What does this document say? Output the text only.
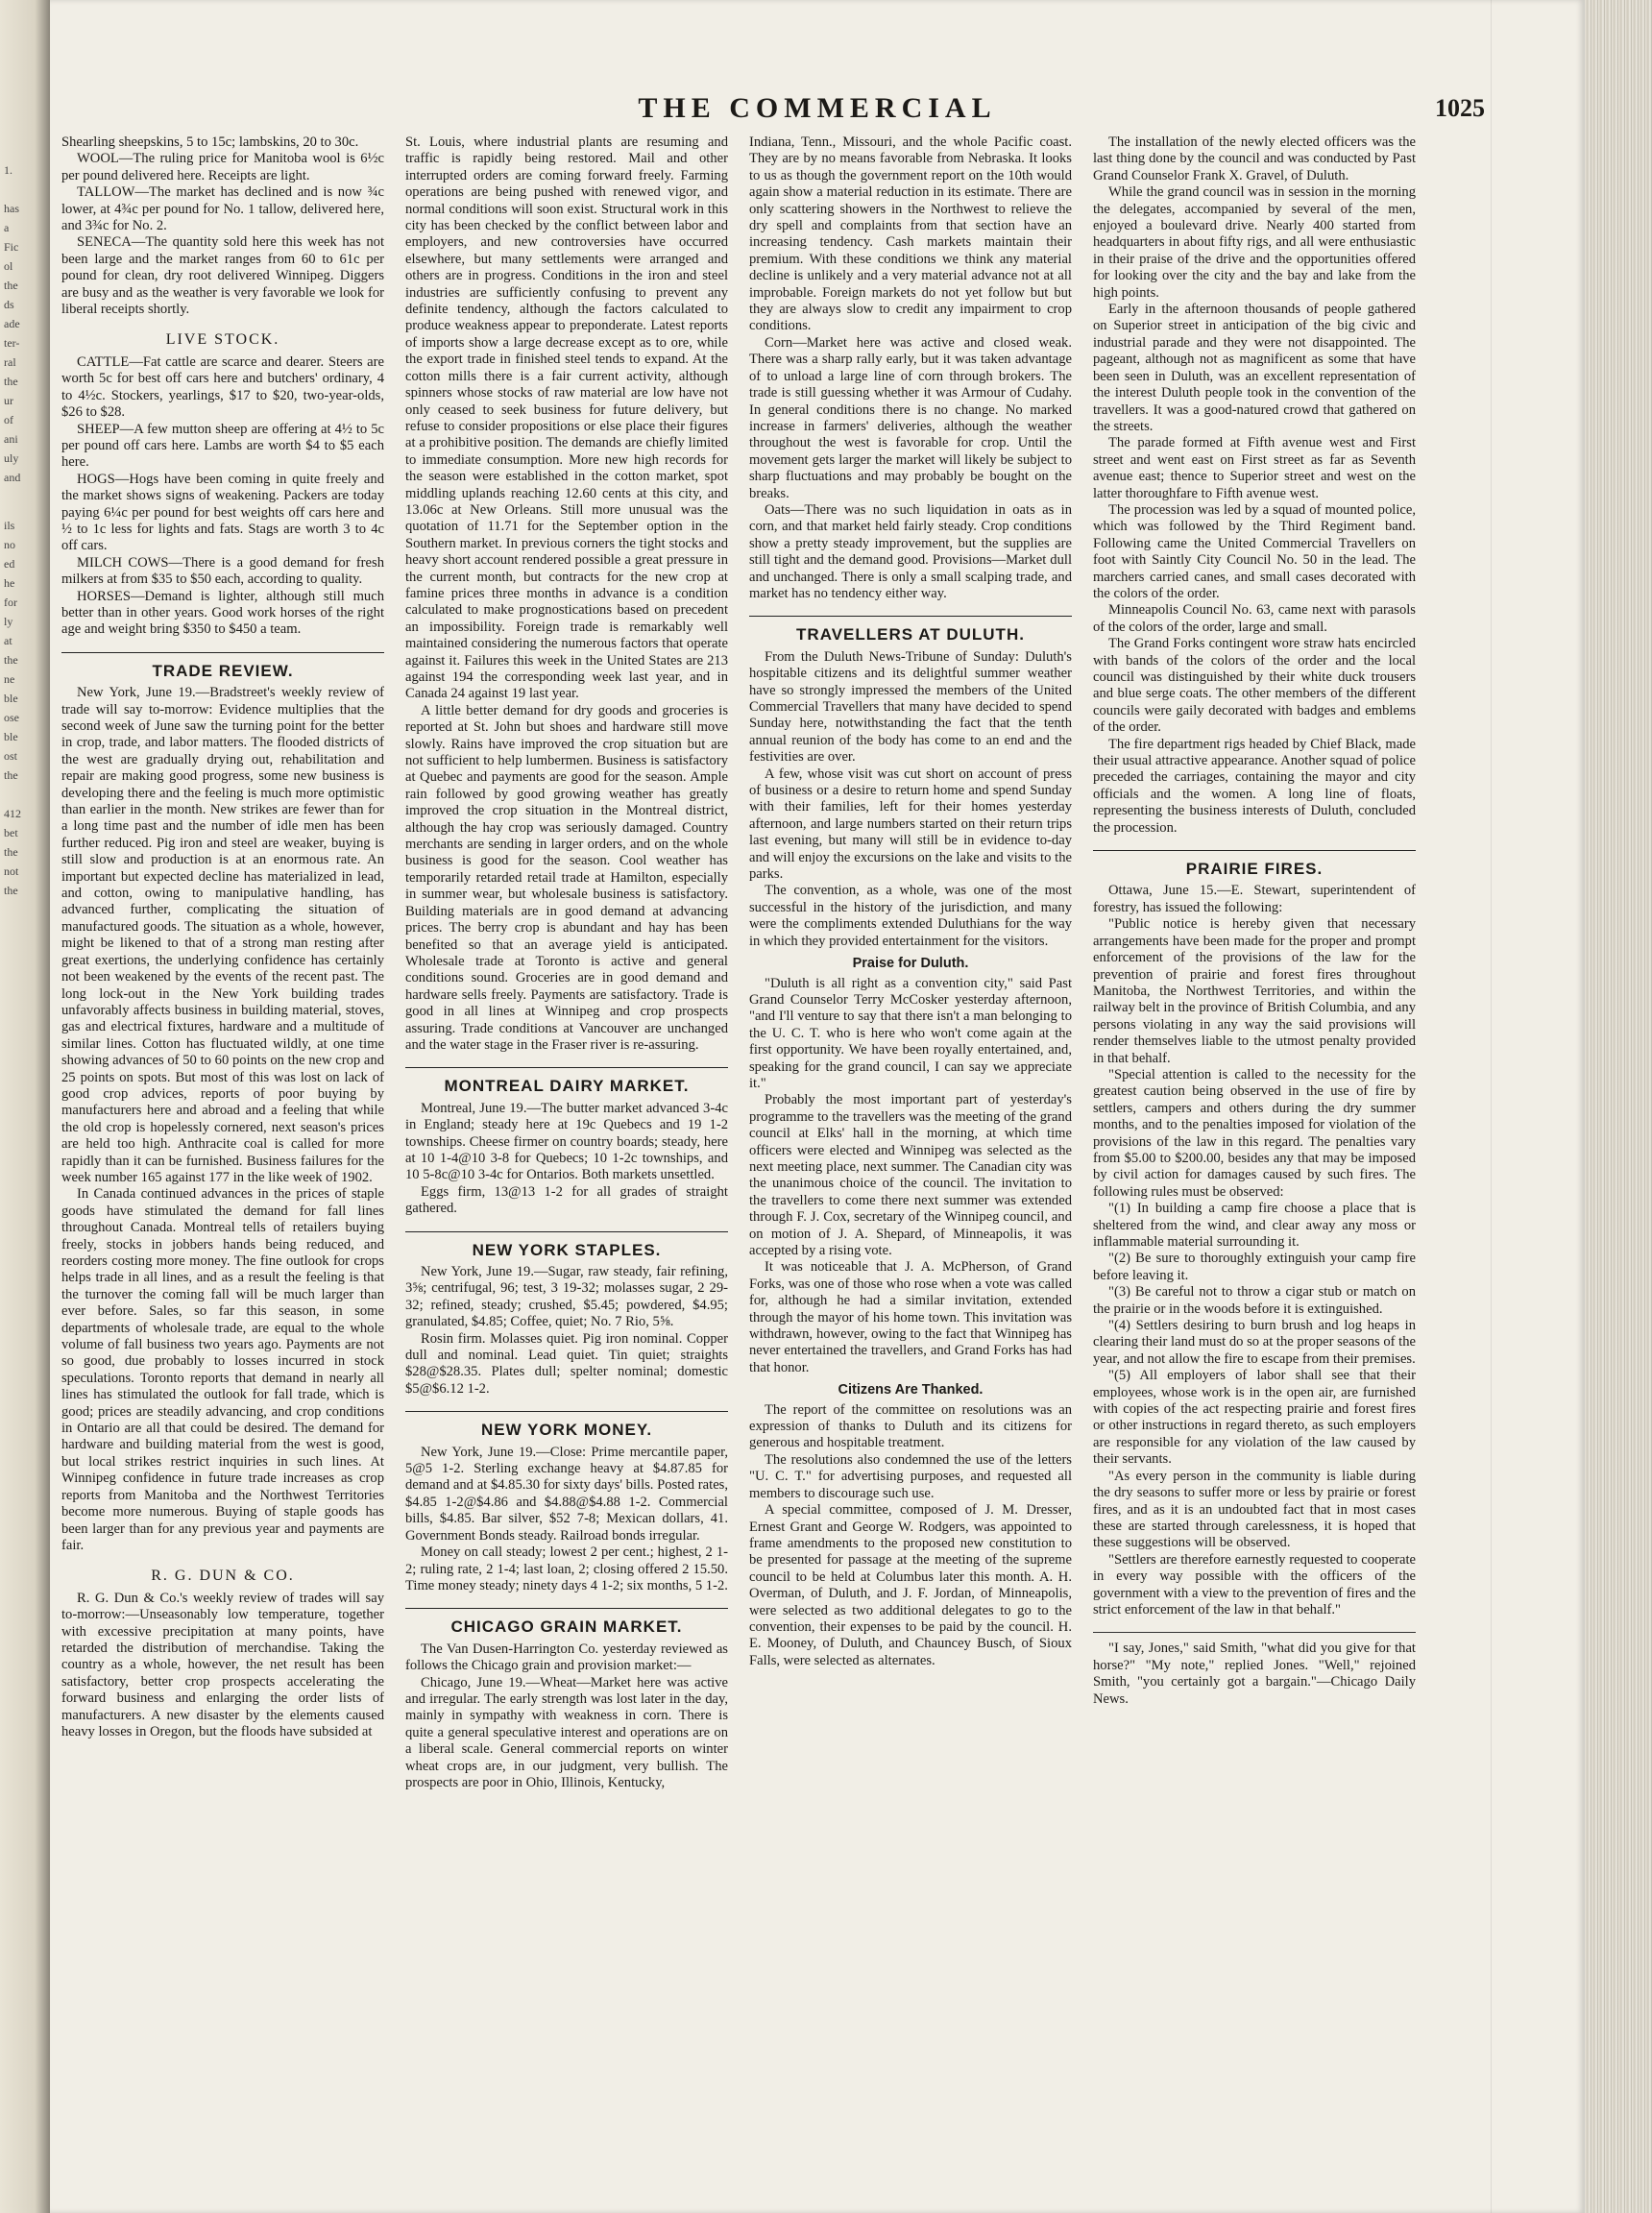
1.
has
a
Fic
ol
the
ds
ade
ter-
ral
the
ur
of
ani
uly
and
ils
no
ed
he
for
ly
at
the
ne
ble
ose
ble
ost
the
412
bet
the
not
the
THE COMMERCIAL	1025

Shearling sheepskins, 5 to 15c; lambskins, 20 to 30c.

WOOL—The ruling price for Manitoba wool is 6½c per pound delivered here. Receipts are light.

TALLOW—The market has declined and is now ¾c lower, at 4¾c per pound for No. 1 tallow, delivered here, and 3¾c for No. 2.

SENECA—The quantity sold here this week has not been large and the market ranges from 60 to 61c per pound for clean, dry root delivered Winnipeg. Diggers are busy and as the weather is very favorable we look for liberal receipts shortly.

LIVE STOCK.

CATTLE—Fat cattle are scarce and dearer. Steers are worth 5c for best off cars here and butchers' ordinary, 4 to 4½c. Stockers, yearlings, $17 to $20, two-year-olds, $26 to $28.

SHEEP—A few mutton sheep are offering at 4½ to 5c per pound off cars here. Lambs are worth $4 to $5 each here.

HOGS—Hogs have been coming in quite freely and the market shows signs of weakening. Packers are today paying 6¼c per pound for best weights off cars here and ½ to 1c less for lights and fats. Stags are worth 3 to 4c off cars.

MILCH COWS—There is a good demand for fresh milkers at from $35 to $50 each, according to quality.

HORSES—Demand is lighter, although still much better than in other years. Good work horses of the right age and weight bring $350 to $450 a team.

TRADE REVIEW.

New York, June 19.—Bradstreet's weekly review of trade will say to-morrow: Evidence multiplies that the second week of June saw the turning point for the better in crop, trade, and labor matters. The flooded districts of the west are gradually drying out, rehabilitation and repair are making good progress, some new business is developing there and the feeling is much more optimistic than earlier in the month. New strikes are fewer than for a long time past and the number of idle men has been further reduced. Pig iron and steel are weaker, buying is still slow and production is at an enormous rate. An important but expected decline has materialized in lead, and cotton, owing to manipulative handling, has advanced further, complicating the situation of manufactured goods. The situation as a whole, however, might be likened to that of a strong man resting after great exertions, the underlying confidence has certainly not been weakened by the events of the recent past. The long lock-out in the New York building trades unfavorably affects business in building material, stoves, gas and electrical fixtures, hardware and a multitude of similar lines. Cotton has fluctuated wildly, at one time showing advances of 50 to 60 points on the new crop and 25 points on spots. But most of this was lost on lack of good crop advices, reports of poor buying by manufacturers here and abroad and a feeling that while the old crop is hopelessly cornered, next season's prices are held too high. Anthracite coal is called for more rapidly than it can be furnished. Business failures for the week number 165 against 177 in the like week of 1902.

In Canada continued advances in the prices of staple goods have stimulated the demand for fall lines throughout Canada. Montreal tells of retailers buying freely, stocks in jobbers hands being reduced, and reorders costing more money. The fine outlook for crops helps trade in all lines, and as a result the feeling is that the turnover the coming fall will be much larger than ever before. Sales, so far this season, in some departments of wholesale trade, are equal to the whole volume of fall business two years ago. Payments are not so good, due probably to losses incurred in stock speculations. Toronto reports that demand in nearly all lines has stimulated the outlook for fall trade, which is good; prices are steadily advancing, and crop conditions in Ontario are all that could be desired. The demand for hardware and building material from the west is good, but local strikes restrict inquiries in such lines. At Winnipeg confidence in future trade increases as crop reports from Manitoba and the Northwest Territories become more numerous. Buying of staple goods has been larger than for any previous year and payments are fair.

R. G. DUN & CO.

R. G. Dun & Co.'s weekly review of trades will say to-morrow:—Unseasonably low temperature, together with excessive precipitation at many points, have retarded the distribution of merchandise. Taking the country as a whole, however, the net result has been satisfactory, better crop prospects accelerating the forward business and enlarging the order lists of manufacturers. A new disaster by the elements caused heavy losses in Oregon, but the floods have subsided at

St. Louis, where industrial plants are resuming and traffic is rapidly being restored. Mail and other interrupted orders are coming forward freely. Farming operations are being pushed with renewed vigor, and normal conditions will soon exist. Structural work in this city has been checked by the conflict between labor and employers, and new controversies have occurred elsewhere, but many settlements were arranged and others are in progress. Conditions in the iron and steel industries are sufficiently confusing to prevent any definite tendency, although the factors calculated to produce weakness appear to preponderate. Latest reports of imports show a large decrease except as to ore, while the export trade in finished steel tends to expand. At the cotton mills there is a fair current activity, although spinners whose stocks of raw material are low have not only ceased to seek business for future delivery, but refuse to consider propositions or else place their figures at a prohibitive position. The demands are chiefly limited to immediate consumption. More new high records for the season were established in the cotton market, spot middling uplands reaching 12.60 cents at this city, and 13.06c at New Orleans. Still more unusual was the quotation of 11.71 for the September option in the Southern market. In previous corners the tight stocks and heavy short account rendered possible a great pressure in the current month, but contracts for the new crop at famine prices three months in advance is a condition calculated to make prognostications based on precedent an impossibility. Foreign trade is remarkably well maintained considering the numerous factors that operate against it. Failures this week in the United States are 213 against 194 the corresponding week last year, and in Canada 24 against 19 last year.

A little better demand for dry goods and groceries is reported at St. John but shoes and hardware still move slowly. Rains have improved the crop situation but are not sufficient to help lumbermen. Business is satisfactory at Quebec and payments are good for the season. Ample rain followed by good growing weather has greatly improved the crop situation in the Montreal district, although the hay crop was seriously damaged. Country merchants are sending in larger orders, and on the whole business is good for the season. Cool weather has temporarily retarded retail trade at Hamilton, especially in summer wear, but wholesale business is satisfactory. Building materials are in good demand at advancing prices. The berry crop is abundant and hay has been benefited so that an average yield is anticipated. Wholesale trade at Toronto is active and general conditions sound. Groceries are in good demand and hardware sells freely. Payments are satisfactory. Trade is good in all lines at Winnipeg and crop prospects assuring. Trade conditions at Vancouver are unchanged and the water stage in the Fraser river is re-assuring.

MONTREAL DAIRY MARKET.

Montreal, June 19.—The butter market advanced 3-4c in England; steady here at 19c Quebecs and 19 1-2 townships. Cheese firmer on country boards; steady, here at 10 1-4@10 3-8 for Quebecs; 10 1-2c townships, and 10 5-8c@10 3-4c for Ontarios. Both markets unsettled.

Eggs firm, 13@13 1-2 for all grades of straight gathered.

NEW YORK STAPLES.

New York, June 19.—Sugar, raw steady, fair refining, 3⅝; centrifugal, 96; test, 3 19-32; molasses sugar, 2 29-32; refined, steady; crushed, $5.45; powdered, $4.95; granulated, $4.85; Coffee, quiet; No. 7 Rio, 5⅝.

Rosin firm. Molasses quiet. Pig iron nominal. Copper dull and nominal. Lead quiet. Tin quiet; straights $28@$28.35. Plates dull; spelter nominal; domestic $5@$6.12 1-2.

NEW YORK MONEY.

New York, June 19.—Close: Prime mercantile paper, 5@5 1-2. Sterling exchange heavy at $4.87.85 for demand and at $4.85.30 for sixty days' bills. Posted rates, $4.85 1-2@$4.86 and $4.88@$4.88 1-2. Commercial bills, $4.85. Bar silver, $52 7-8; Mexican dollars, 41. Government Bonds steady. Railroad bonds irregular.

Money on call steady; lowest 2 per cent.; highest, 2 1-2; ruling rate, 2 1-4; last loan, 2; closing offered 2 15.50. Time money steady; ninety days 4 1-2; six months, 5 1-2.

CHICAGO GRAIN MARKET.

The Van Dusen-Harrington Co. yesterday reviewed as follows the Chicago grain and provision market:—

Chicago, June 19.—Wheat—Market here was active and irregular. The early strength was lost later in the day, mainly in sympathy with weakness in corn. There is quite a general speculative interest and operations are on a liberal scale. General commercial reports on winter wheat crops are, in our judgment, very bullish. The prospects are poor in Ohio, Illinois, Kentucky,

Indiana, Tenn., Missouri, and the whole Pacific coast. They are by no means favorable from Nebraska. It looks to us as though the government report on the 10th would again show a material reduction in its estimate. There are only scattering showers in the Northwest to relieve the dry spell and complaints from that section have an increasing tendency. Cash markets maintain their premium. With these conditions we think any material decline is unlikely and a very material advance not at all improbable. Foreign markets do not yet follow but but they are always slow to credit any impairment to crop conditions.

Corn—Market here was active and closed weak. There was a sharp rally early, but it was taken advantage of to unload a large line of corn through brokers. The trade is still guessing whether it was Armour of Cudahy. In general conditions there is no change. No marked increase in farmers' deliveries, although the weather throughout the west is favorable for crop. Until the movement gets larger the market will likely be subject to sharp fluctuations and may probably be bought on the breaks.

Oats—There was no such liquidation in oats as in corn, and that market held fairly steady. Crop conditions show a pretty steady improvement, but the supplies are still tight and the demand good. Provisions—Market dull and unchanged. There is only a small scalping trade, and market has no tendency either way.

TRAVELLERS AT DULUTH.

From the Duluth News-Tribune of Sunday: Duluth's hospitable citizens and its delightful summer weather have so strongly impressed the members of the United Commercial Travellers that many have decided to spend Sunday here, notwithstanding the fact that the tenth annual reunion of the body has come to an end and the festivities are over.

A few, whose visit was cut short on account of press of business or a desire to return home and spend Sunday with their families, left for their homes yesterday afternoon, and large numbers started on their return trips last evening, but many will still be in evidence to-day and will enjoy the excursions on the lake and visits to the parks.

The convention, as a whole, was one of the most successful in the history of the jurisdiction, and many were the compliments extended Duluthians for the way in which they provided entertainment for the visitors.

Praise for Duluth.

"Duluth is all right as a convention city," said Past Grand Counselor Terry McCosker yesterday afternoon, "and I'll venture to say that there isn't a man belonging to the U. C. T. who is here who won't come again at the first opportunity. We have been royally entertained, and, speaking for the grand council, I can say we appreciate it."

Probably the most important part of yesterday's programme to the travellers was the meeting of the grand council at Elks' hall in the morning, at which time officers were elected and Winnipeg was selected as the next meeting place, next summer. The Canadian city was the unanimous choice of the council. The invitation to the travellers to come there next summer was extended through F. J. Cox, secretary of the Winnipeg council, and on motion of J. A. Shepard, of Minneapolis, it was accepted by a rising vote.

It was noticeable that J. A. McPherson, of Grand Forks, was one of those who rose when a vote was called for, although he had a similar invitation, extended through the mayor of his home town. This invitation was withdrawn, however, owing to the fact that Winnipeg has never entertained the travellers, and Grand Forks has had that honor.

Citizens Are Thanked.

The report of the committee on resolutions was an expression of thanks to Duluth and its citizens for generous and hospitable treatment.

The resolutions also condemned the use of the letters "U. C. T." for advertising purposes, and requested all members to discourage such use.

A special committee, composed of J. M. Dresser, Ernest Grant and George W. Rodgers, was appointed to frame amendments to the proposed new constitution to be presented for passage at the meeting of the supreme council to be held at Columbus later this month. A. H. Overman, of Duluth, and J. F. Jordan, of Minneapolis, were selected as two additional delegates to go to the convention, their expenses to be paid by the council. H. E. Mooney, of Duluth, and Chauncey Busch, of Sioux Falls, were selected as alternates.

The installation of the newly elected officers was the last thing done by the council and was conducted by Past Grand Counselor Frank X. Gravel, of Duluth.

While the grand council was in session in the morning the delegates, accompanied by several of the men, enjoyed a boulevard drive. Nearly 400 started from headquarters in about fifty rigs, and all were enthusiastic in their praise of the drive and the opportunities offered for looking over the city and the bay and lake from the high points.

Early in the afternoon thousands of people gathered on Superior street in anticipation of the big civic and industrial parade and they were not disappointed. The pageant, although not as magnificent as some that have been seen in Duluth, was an excellent representation of the interest Duluth people took in the convention of the travellers. It was a good-natured crowd that gathered on the streets.

The parade formed at Fifth avenue west and First street and went east on First street as far as Seventh avenue east; thence to Superior street and west on the latter thoroughfare to Fifth avenue west.

The procession was led by a squad of mounted police, which was followed by the Third Regiment band. Following came the United Commercial Travellers on foot with Saintly City Council No. 50 in the lead. The marchers carried canes, and small cases decorated with the colors of the order.

Minneapolis Council No. 63, came next with parasols of the colors of the order, large and small.

The Grand Forks contingent wore straw hats encircled with bands of the colors of the order and the local council was distinguished by their white duck trousers and blue serge coats. The other members of the different councils were gaily decorated with badges and emblems of the order.

The fire department rigs headed by Chief Black, made their usual attractive appearance. Another squad of police preceded the carriages, containing the mayor and city officials and the women. A long line of floats, representing the business interests of Duluth, concluded the procession.

PRAIRIE FIRES.

Ottawa, June 15.—E. Stewart, superintendent of forestry, has issued the following:

"Public notice is hereby given that necessary arrangements have been made for the proper and prompt enforcement of the provisions of the law for the prevention of prairie and forest fires throughout Manitoba, the Northwest Territories, and within the railway belt in the province of British Columbia, and any persons violating in any way the said provisions will render themselves liable to the utmost penalty provided in that behalf.

"Special attention is called to the necessity for the greatest caution being observed in the use of fire by settlers, campers and others during the dry summer months, and to the penalties imposed for violation of the provisions of the law in this regard. The penalties vary from $5.00 to $200.00, besides any that may be imposed by civil action for damages caused by such fires. The following rules must be observed:

"(1) In building a camp fire choose a place that is sheltered from the wind, and clear away any moss or inflammable material surrounding it.

"(2) Be sure to thoroughly extinguish your camp fire before leaving it.

"(3) Be careful not to throw a cigar stub or match on the prairie or in the woods before it is extinguished.

"(4) Settlers desiring to burn brush and log heaps in clearing their land must do so at the proper seasons of the year, and not allow the fire to escape from their premises.

"(5) All employers of labor shall see that their employees, whose work is in the open air, are furnished with copies of the act respecting prairie and forest fires or other instructions in regard thereto, as such employers are responsible for any violation of the law caused by their servants.

"As every person in the community is liable during the dry seasons to suffer more or less by prairie or forest fires, and as it is an undoubted fact that in most cases these are started through carelessness, it is hoped that these suggestions will be observed.

"Settlers are therefore earnestly requested to cooperate in every way possible with the officers of the government with a view to the prevention of fires and the strict enforcement of the law in that behalf."

"I say, Jones," said Smith, "what did you give for that horse?" "My note," replied Jones. "Well," rejoined Smith, "you certainly got a bargain."—Chicago Daily News.
